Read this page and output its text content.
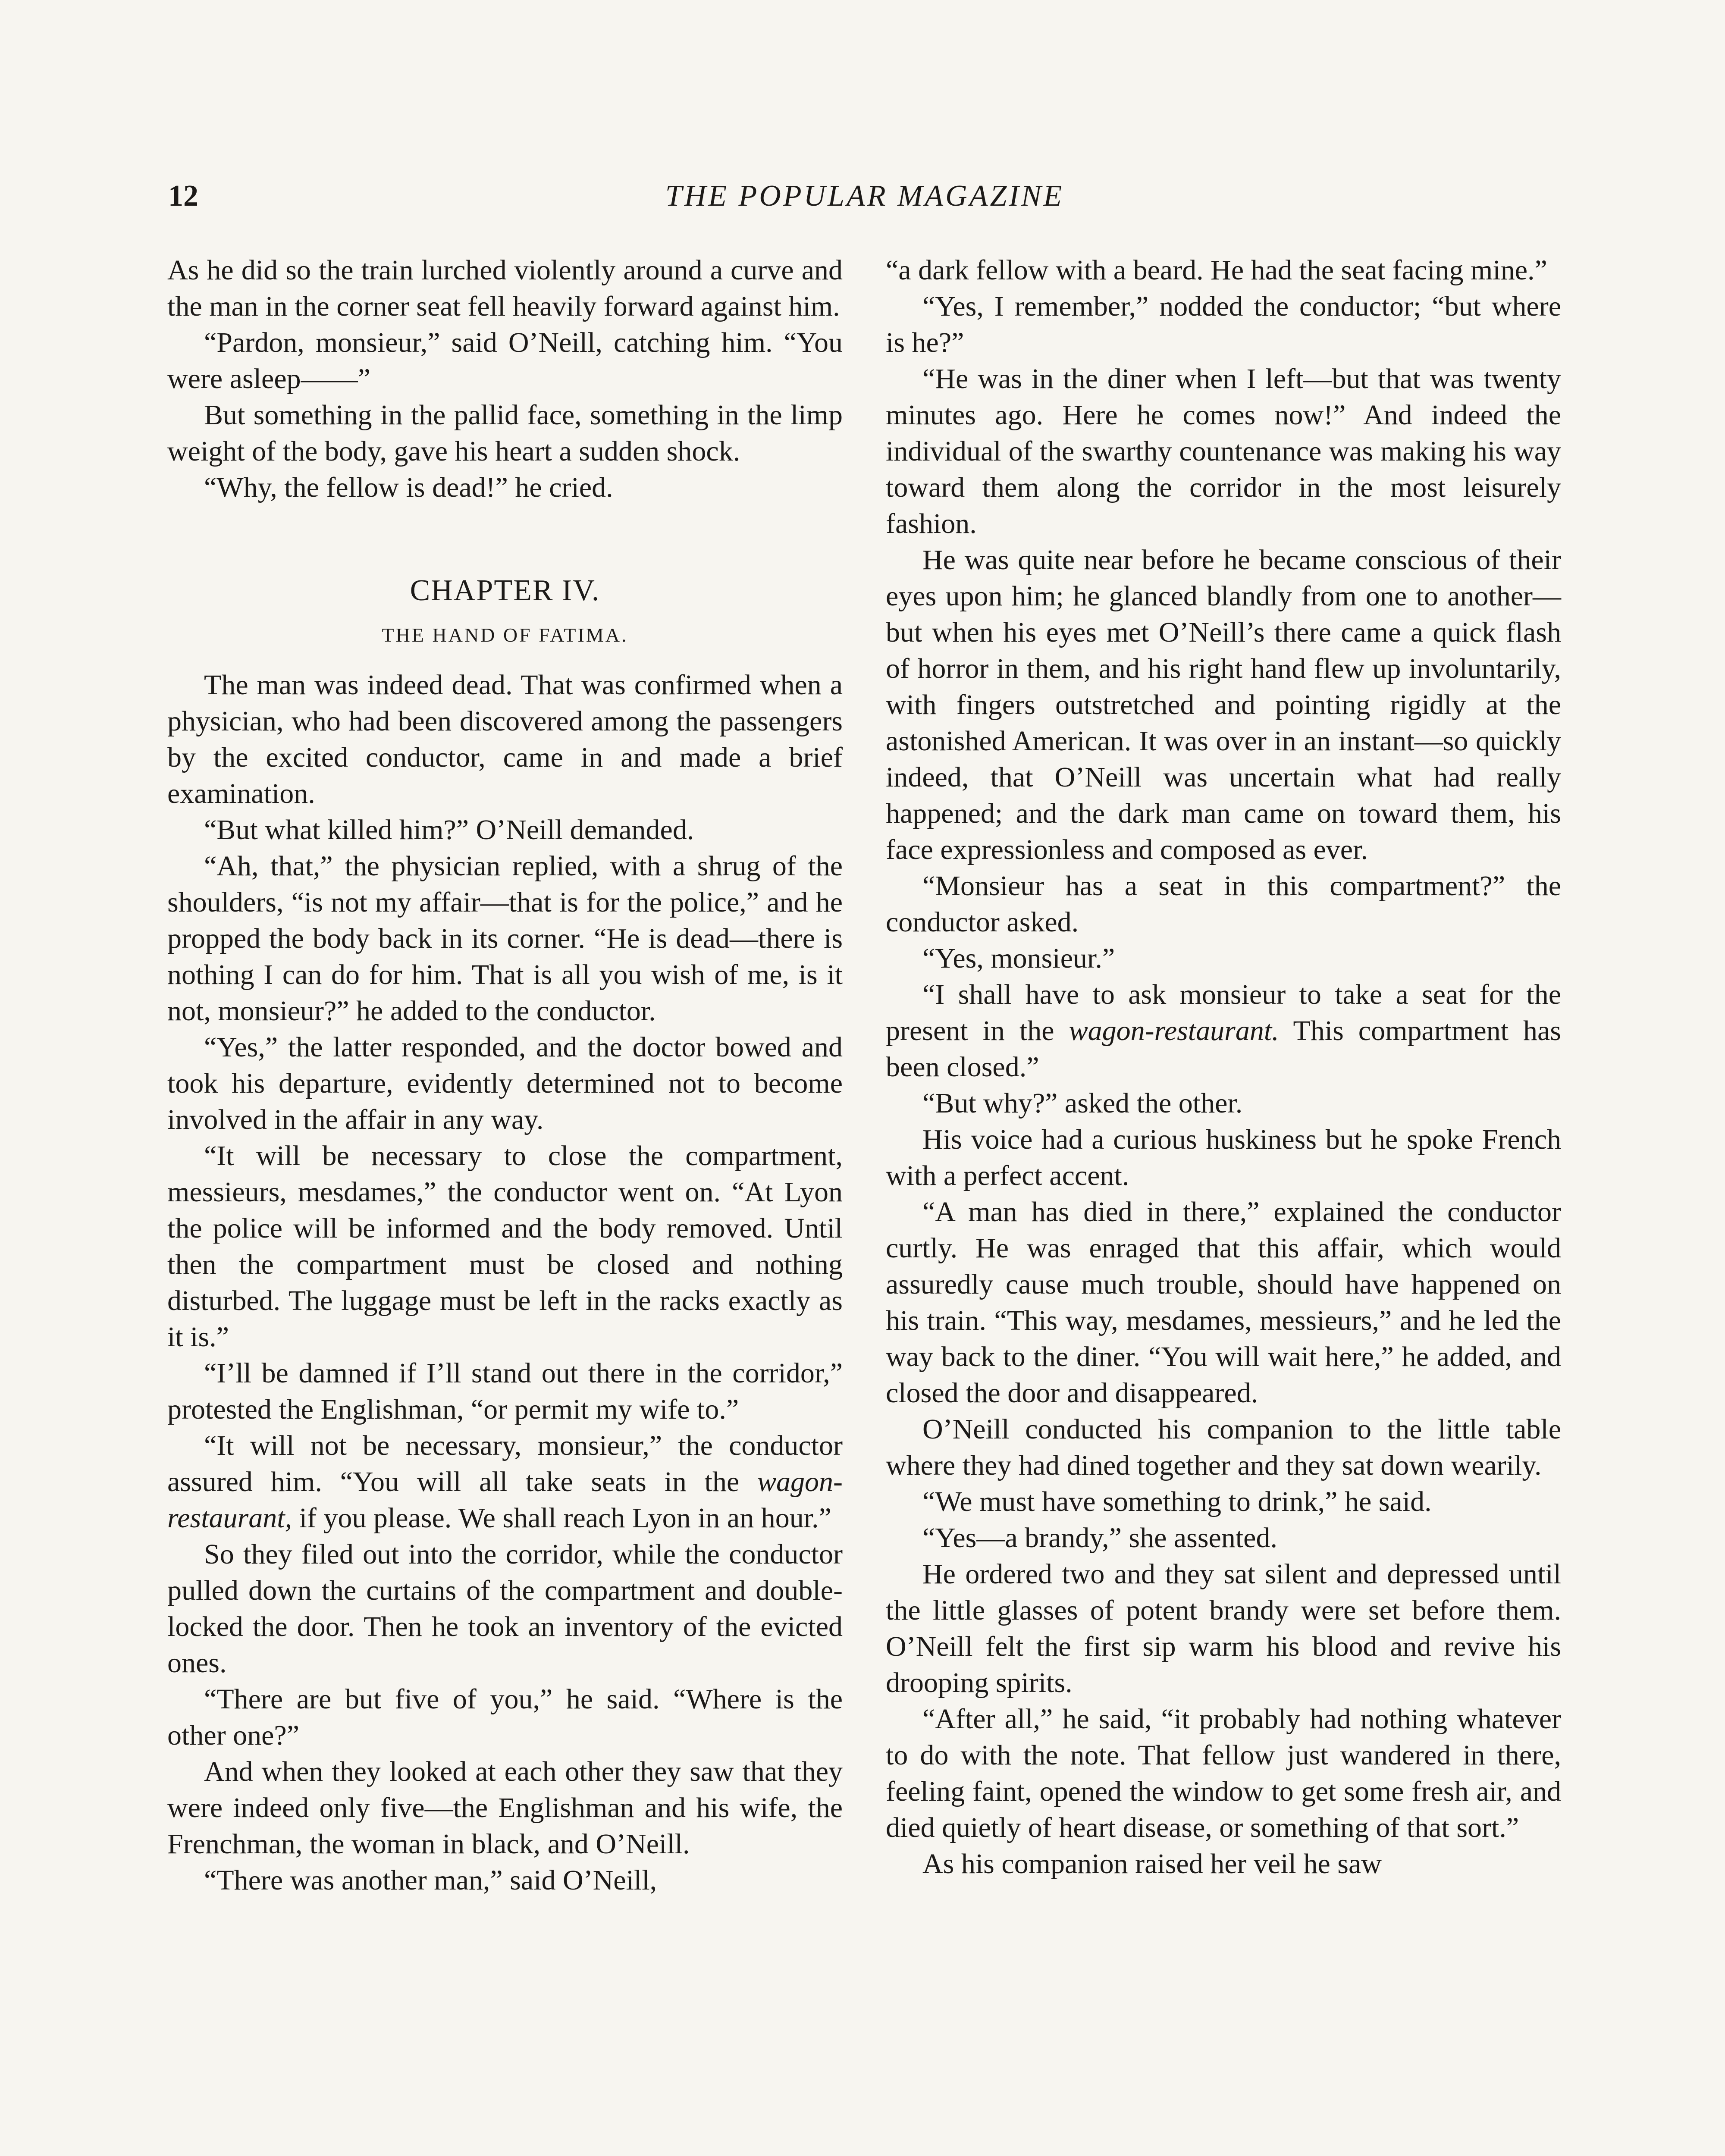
12	THE POPULAR MAGAZINE

As he did so the train lurched violently around a curve and the man in the corner seat fell heavily forward against him.

“Pardon, monsieur,” said O’Neill, catching him. “You were asleep——”

But something in the pallid face, something in the limp weight of the body, gave his heart a sudden shock.

“Why, the fellow is dead!” he cried.

CHAPTER IV.
THE HAND OF FATIMA.

The man was indeed dead. That was confirmed when a physician, who had been discovered among the passengers by the excited conductor, came in and made a brief examination.

“But what killed him?” O’Neill demanded.

“Ah, that,” the physician replied, with a shrug of the shoulders, “is not my affair—that is for the police,” and he propped the body back in its corner. “He is dead—there is nothing I can do for him. That is all you wish of me, is it not, monsieur?” he added to the conductor.

“Yes,” the latter responded, and the doctor bowed and took his departure, evidently determined not to become involved in the affair in any way.

“It will be necessary to close the compartment, messieurs, mesdames,” the conductor went on. “At Lyon the police will be informed and the body removed. Until then the compartment must be closed and nothing disturbed. The luggage must be left in the racks exactly as it is.”

“I’ll be damned if I’ll stand out there in the corridor,” protested the Englishman, “or permit my wife to.”

“It will not be necessary, monsieur,” the conductor assured him. “You will all take seats in the wagon-restaurant, if you please. We shall reach Lyon in an hour.”

So they filed out into the corridor, while the conductor pulled down the curtains of the compartment and double-locked the door. Then he took an inventory of the evicted ones.

“There are but five of you,” he said. “Where is the other one?”

And when they looked at each other they saw that they were indeed only five—the Englishman and his wife, the Frenchman, the woman in black, and O’Neill.

“There was another man,” said O’Neill,

“a dark fellow with a beard. He had the seat facing mine.”

“Yes, I remember,” nodded the conductor; “but where is he?”

“He was in the diner when I left—but that was twenty minutes ago. Here he comes now!” And indeed the individual of the swarthy countenance was making his way toward them along the corridor in the most leisurely fashion.

He was quite near before he became conscious of their eyes upon him; he glanced blandly from one to another—but when his eyes met O’Neill’s there came a quick flash of horror in them, and his right hand flew up involuntarily, with fingers outstretched and pointing rigidly at the astonished American. It was over in an instant—so quickly indeed, that O’Neill was uncertain what had really happened; and the dark man came on toward them, his face expressionless and composed as ever.

“Monsieur has a seat in this compartment?” the conductor asked.

“Yes, monsieur.”

“I shall have to ask monsieur to take a seat for the present in the wagon-restaurant. This compartment has been closed.”

“But why?” asked the other.

His voice had a curious huskiness but he spoke French with a perfect accent.

“A man has died in there,” explained the conductor curtly. He was enraged that this affair, which would assuredly cause much trouble, should have happened on his train. “This way, mesdames, messieurs,” and he led the way back to the diner. “You will wait here,” he added, and closed the door and disappeared.

O’Neill conducted his companion to the little table where they had dined together and they sat down wearily.

“We must have something to drink,” he said.

“Yes—a brandy,” she assented.

He ordered two and they sat silent and depressed until the little glasses of potent brandy were set before them. O’Neill felt the first sip warm his blood and revive his drooping spirits.

“After all,” he said, “it probably had nothing whatever to do with the note. That fellow just wandered in there, feeling faint, opened the window to get some fresh air, and died quietly of heart disease, or something of that sort.”

As his companion raised her veil he saw
